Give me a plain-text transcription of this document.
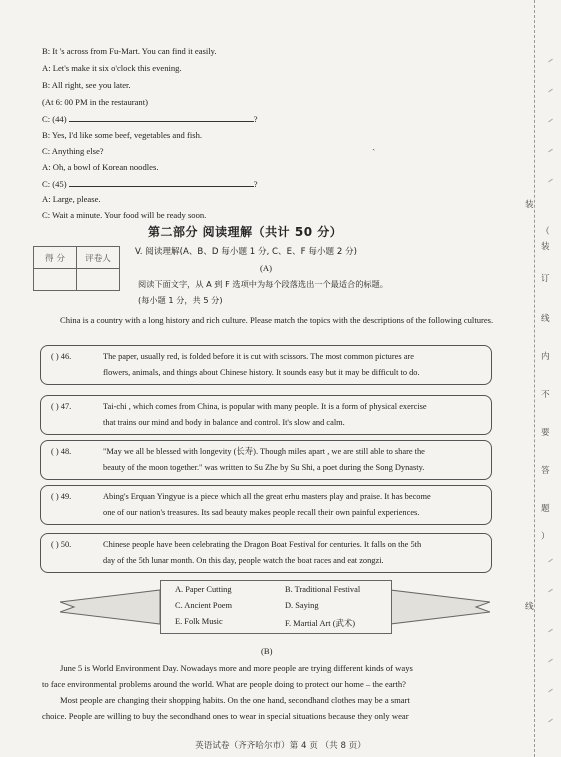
B: It 's across from Fu-Mart. You can find it easily.
A: Let's make it six o'clock this evening.
B: All right, see you later.
(At 6: 00 PM in the restaurant)
C: (44)	?
B: Yes, I'd like some beef, vegetables and fish.
C: Anything else?
A: Oh, a bowl of Korean noodles.
C: (45)	?
A: Large, please.
C: Wait a minute. Your food will be ready soon.
ˎ
第二部分 阅读理解（共计 50 分）
得 分	评卷人

V. 阅读理解(A、B、D 每小题 1 分, C、E、F 每小题 2 分)
(A)
阅读下面文字，从 A 到 F 选项中为每个段落选出一个最适合的标题。
(每小题 1 分，共 5 分)
China is a country with a long history and rich culture. Please match the topics with the descriptions of the following cultures.
( ) 46.	The paper, usually red, is folded before it is cut with scissors. The most common pictures are
flowers, animals, and things about Chinese history. It sounds easy but it may be difficult to do.
( ) 47.	Tai-chi , which comes from China, is popular with many people. It is a form of physical exercise
that trains our mind and body in balance and control. It's slow and calm.
( ) 48.	"May we all be blessed with longevity (长寿). Though miles apart , we are still able to share the
beauty of the moon together." was written to Su Zhe by Su Shi, a poet during the Song Dynasty.
( ) 49.	Abing's Erquan Yingyue is a piece which all the great erhu masters play and praise. It has become
one of our nation's treasures. Its sad beauty makes people recall their own painful experiences.
( ) 50.	Chinese people have been celebrating the Dragon Boat Festival for centuries. It falls on the 5th
day of the 5th lunar month. On this day, people watch the boat races and eat zongzi.
A. Paper Cutting	B. Traditional Festival
C. Ancient Poem	D. Saying
E. Folk Music	F. Martial Art (武术)
(B)
June 5 is World Environment Day. Nowadays more and more people are trying different kinds of ways
to face environmental problems around the world. What are people doing to protect our home – the earth?
Most people are changing their shopping habits. On the one hand, secondhand clothes may be a smart
choice. People are willing to buy the secondhand ones to wear in special situations because they only wear
英语试卷（齐齐哈尔市）第 4 页 （共 8 页）
装
（
装
订
线
内
不
要
答
题
）
线
